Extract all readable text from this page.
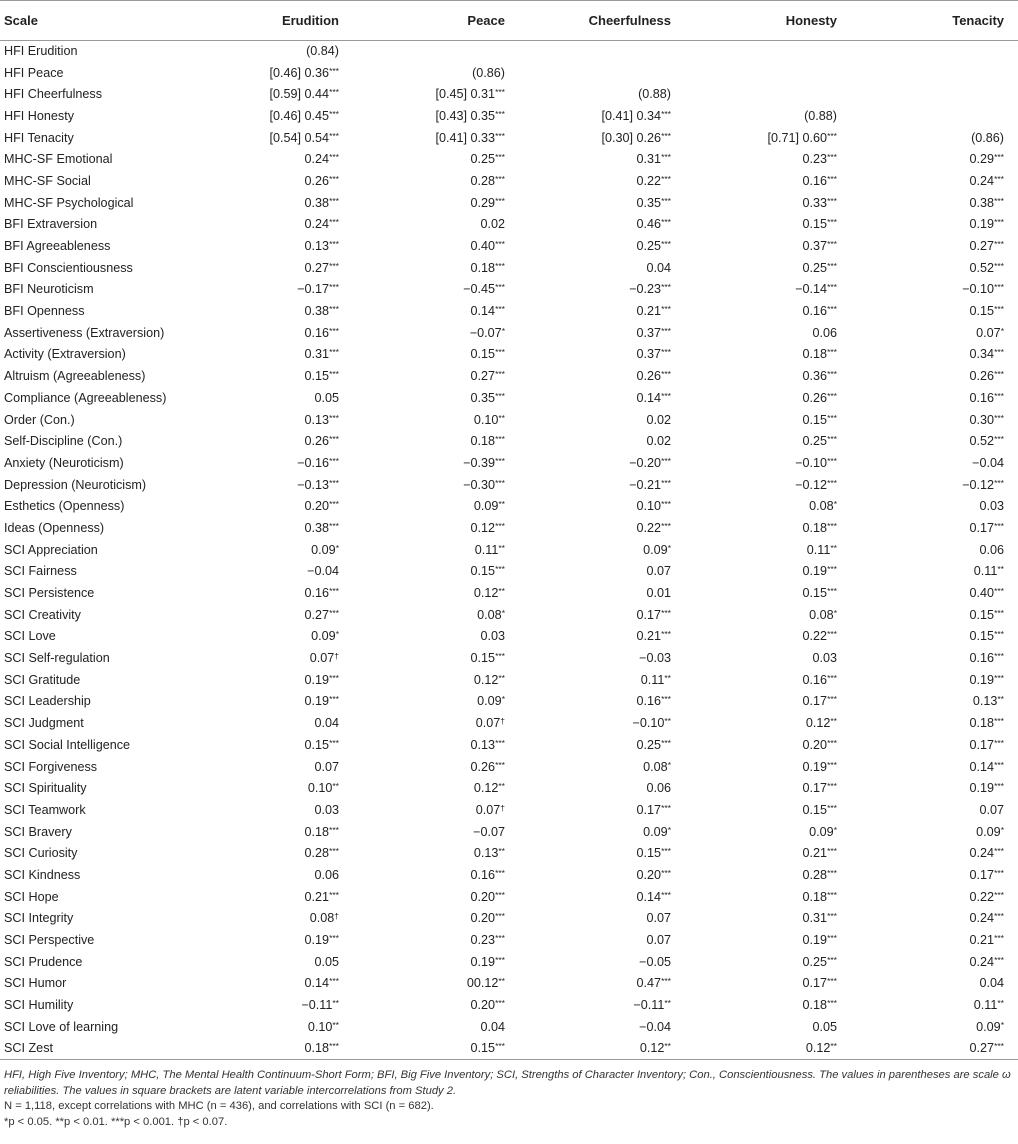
Scale	Erudition	Peace	Cheerfulness	Honesty	Tenacity
HFI Erudition	(0.84)				
HFI Peace	[0.46] 0.36***	(0.86)			
HFI Cheerfulness	[0.59] 0.44***	[0.45] 0.31***	(0.88)		
HFI Honesty	[0.46] 0.45***	[0.43] 0.35***	[0.41] 0.34***	(0.88)	
HFI Tenacity	[0.54] 0.54***	[0.41] 0.33***	[0.30] 0.26***	[0.71] 0.60***	(0.86)
MHC-SF Emotional	0.24***	0.25***	0.31***	0.23***	0.29***
MHC-SF Social	0.26***	0.28***	0.22***	0.16***	0.24***
MHC-SF Psychological	0.38***	0.29***	0.35***	0.33***	0.38***
BFI Extraversion	0.24***	0.02	0.46***	0.15***	0.19***
BFI Agreeableness	0.13***	0.40***	0.25***	0.37***	0.27***
BFI Conscientiousness	0.27***	0.18***	0.04	0.25***	0.52***
BFI Neuroticism	−0.17***	−0.45***	−0.23***	−0.14***	−0.10***
BFI Openness	0.38***	0.14***	0.21***	0.16***	0.15***
Assertiveness (Extraversion)	0.16***	−0.07*	0.37***	0.06	0.07*
Activity (Extraversion)	0.31***	0.15***	0.37***	0.18***	0.34***
Altruism (Agreeableness)	0.15***	0.27***	0.26***	0.36***	0.26***
Compliance (Agreeableness)	0.05	0.35***	0.14***	0.26***	0.16***
Order (Con.)	0.13***	0.10**	0.02	0.15***	0.30***
Self-Discipline (Con.)	0.26***	0.18***	0.02	0.25***	0.52***
Anxiety (Neuroticism)	−0.16***	−0.39***	−0.20***	−0.10***	−0.04
Depression (Neuroticism)	−0.13***	−0.30***	−0.21***	−0.12***	−0.12***
Esthetics (Openness)	0.20***	0.09**	0.10***	0.08*	0.03
Ideas (Openness)	0.38***	0.12***	0.22***	0.18***	0.17***
SCI Appreciation	0.09*	0.11**	0.09*	0.11**	0.06
SCI Fairness	−0.04	0.15***	0.07	0.19***	0.11**
SCI Persistence	0.16***	0.12**	0.01	0.15***	0.40***
SCI Creativity	0.27***	0.08*	0.17***	0.08*	0.15***
SCI Love	0.09*	0.03	0.21***	0.22***	0.15***
SCI Self-regulation	0.07†	0.15***	−0.03	0.03	0.16***
SCI Gratitude	0.19***	0.12**	0.11**	0.16***	0.19***
SCI Leadership	0.19***	0.09*	0.16***	0.17***	0.13**
SCI Judgment	0.04	0.07†	−0.10**	0.12**	0.18***
SCI Social Intelligence	0.15***	0.13***	0.25***	0.20***	0.17***
SCI Forgiveness	0.07	0.26***	0.08*	0.19***	0.14***
SCI Spirituality	0.10**	0.12**	0.06	0.17***	0.19***
SCI Teamwork	0.03	0.07†	0.17***	0.15***	0.07
SCI Bravery	0.18***	−0.07	0.09*	0.09*	0.09*
SCI Curiosity	0.28***	0.13**	0.15***	0.21***	0.24***
SCI Kindness	0.06	0.16***	0.20***	0.28***	0.17***
SCI Hope	0.21***	0.20***	0.14***	0.18***	0.22***
SCI Integrity	0.08†	0.20***	0.07	0.31***	0.24***
SCI Perspective	0.19***	0.23***	0.07	0.19***	0.21***
SCI Prudence	0.05	0.19***	−0.05	0.25***	0.24***
SCI Humor	0.14***	00.12**	0.47***	0.17***	0.04
SCI Humility	−0.11**	0.20***	−0.11**	0.18***	0.11**
SCI Love of learning	0.10**	0.04	−0.04	0.05	0.09*
SCI Zest	0.18***	0.15***	0.12**	0.12**	0.27***

HFI, High Five Inventory; MHC, The Mental Health Continuum-Short Form; BFI, Big Five Inventory; SCI, Strengths of Character Inventory; Con., Conscientiousness. The values in parentheses are scale ω reliabilities. The values in square brackets are latent variable intercorrelations from Study 2.

N = 1,118, except correlations with MHC (n = 436), and correlations with SCI (n = 682).

*p < 0.05. **p < 0.01. ***p < 0.001. †p < 0.07.
